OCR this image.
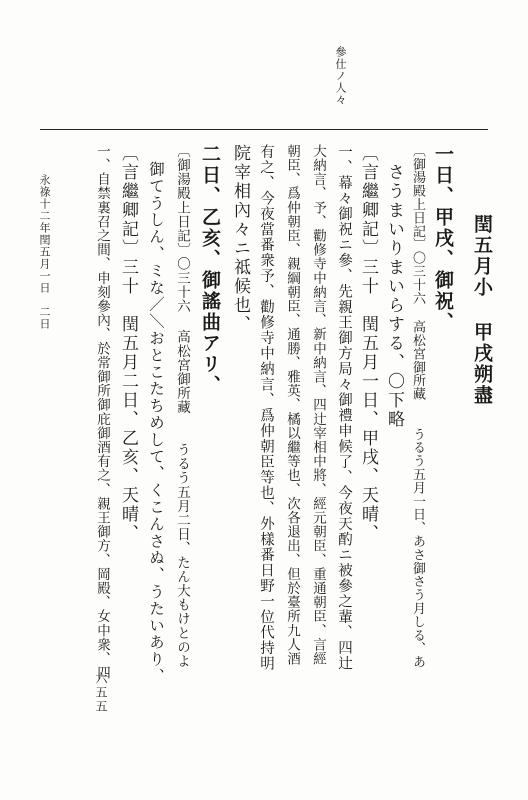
參仕ノ人々
永祿十二年閏五月一日　二日
六五五
閏五月小 甲戌朔盡
一日、甲戌、御祝、
〔御湯殿上日記〕〇三十六 高松宮御所藏　　うるう五月一日、あさ御さう月しる、あ
　さうまいりまいらする、〇下略
〔言繼卿記〕三十　閏五月一日、甲戌、天晴、
一、幕々御祝ニ參、先親王御方局々御禮申候了、今夜天酌ニ被參之輩、四辻
大納言、予、勸修寺中納言、新中納言、四辻宰相中將、經元朝臣、重通朝臣、言經
朝臣、爲仲朝臣、親綱朝臣、通勝、雅英、橘以繼等也、次各退出、但於臺所九人酒
有之、今夜當番衆予、勸修寺中納言、爲仲朝臣等也、外樣番日野一位代持明
院宰相內々ニ祗候也、
二日、乙亥、御謠曲アリ、
〔御湯殿上日記〕〇三十六 高松宮御所藏　　うるう五月二日、たん大もけとのよ
　御てうしん、ミな／＼おとこたちめして、くこんさぬ、うたいあり、
〔言繼卿記〕三十　閏五月二日、乙亥、天晴、
一、自禁裏召之間、申刻參內、於常御所御庇御酒有之、親王御方、岡殿、女中衆、四
